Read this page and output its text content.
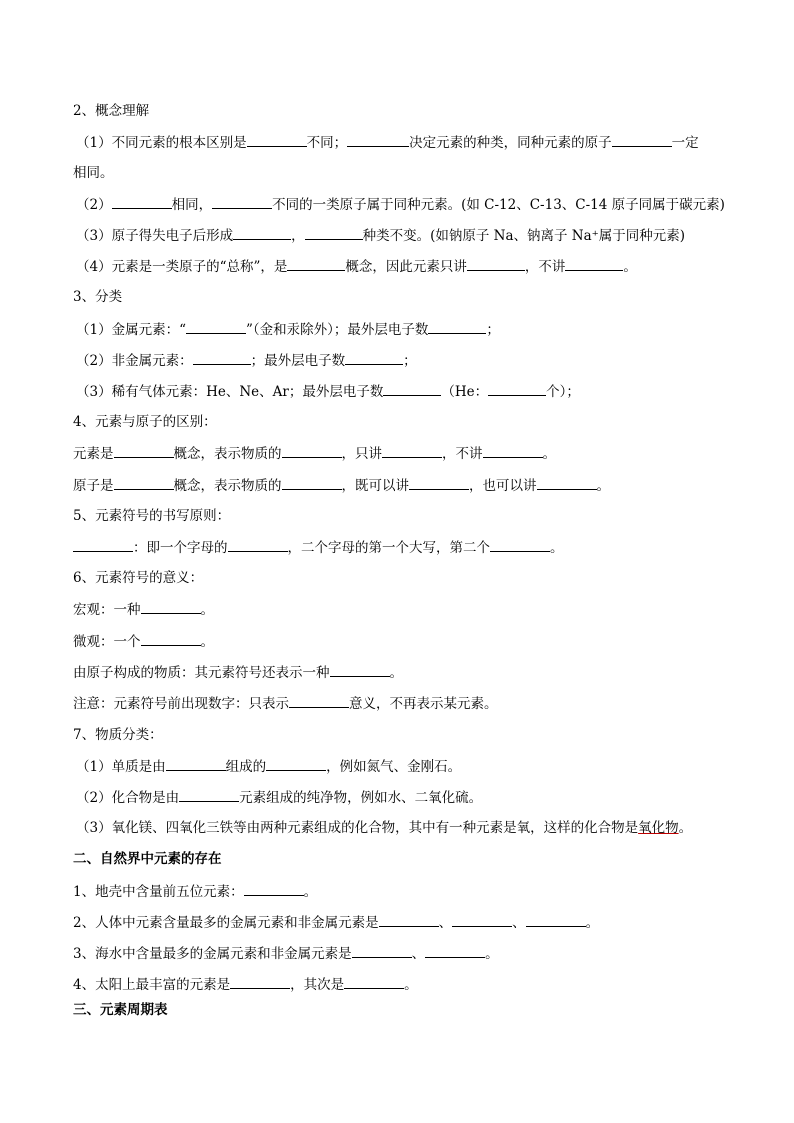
2、概念理解
（1）不同元素的根本区别是	不同；	决定元素的种类，同种元素的原子	一定
相同。
（2）	相同，	不同的一类原子属于同种元素。(如 C-12、C-13、C-14 原子同属于碳元素)
（3）原子得失电子后形成	，	种类不变。(如钠原子 Na、钠离子 Na⁺属于同种元素)
（4）元素是一类原子的“总称”，是	概念，因此元素只讲	，不讲	。
3、分类
（1）金属元素：“	”（金和汞除外）；最外层电子数	；
（2）非金属元素：	；最外层电子数	；
（3）稀有气体元素：He、Ne、Ar；最外层电子数	（He：	个）；
4、元素与原子的区别：
元素是	概念，表示物质的	，只讲	，不讲	。
原子是	概念，表示物质的	，既可以讲	，也可以讲	。
5、元素符号的书写原则：
：即一个字母的	，二个字母的第一个大写，第二个	。
6、元素符号的意义：
宏观：一种	。
微观：一个	。
由原子构成的物质：其元素符号还表示一种	。
注意：元素符号前出现数字：只表示	意义，不再表示某元素。
7、物质分类：
（1）单质是由	组成的	，例如氮气、金刚石。
（2）化合物是由	元素组成的纯净物，例如水、二氧化硫。
（3）氧化镁、四氧化三铁等由两种元素组成的化合物，其中有一种元素是氧，这样的化合物是氧化物。
二、自然界中元素的存在
1、地壳中含量前五位元素：	。
2、人体中元素含量最多的金属元素和非金属元素是	、	、	。
3、海水中含量最多的金属元素和非金属元素是	、	。
4、太阳上最丰富的元素是	，其次是	。
三、元素周期表
